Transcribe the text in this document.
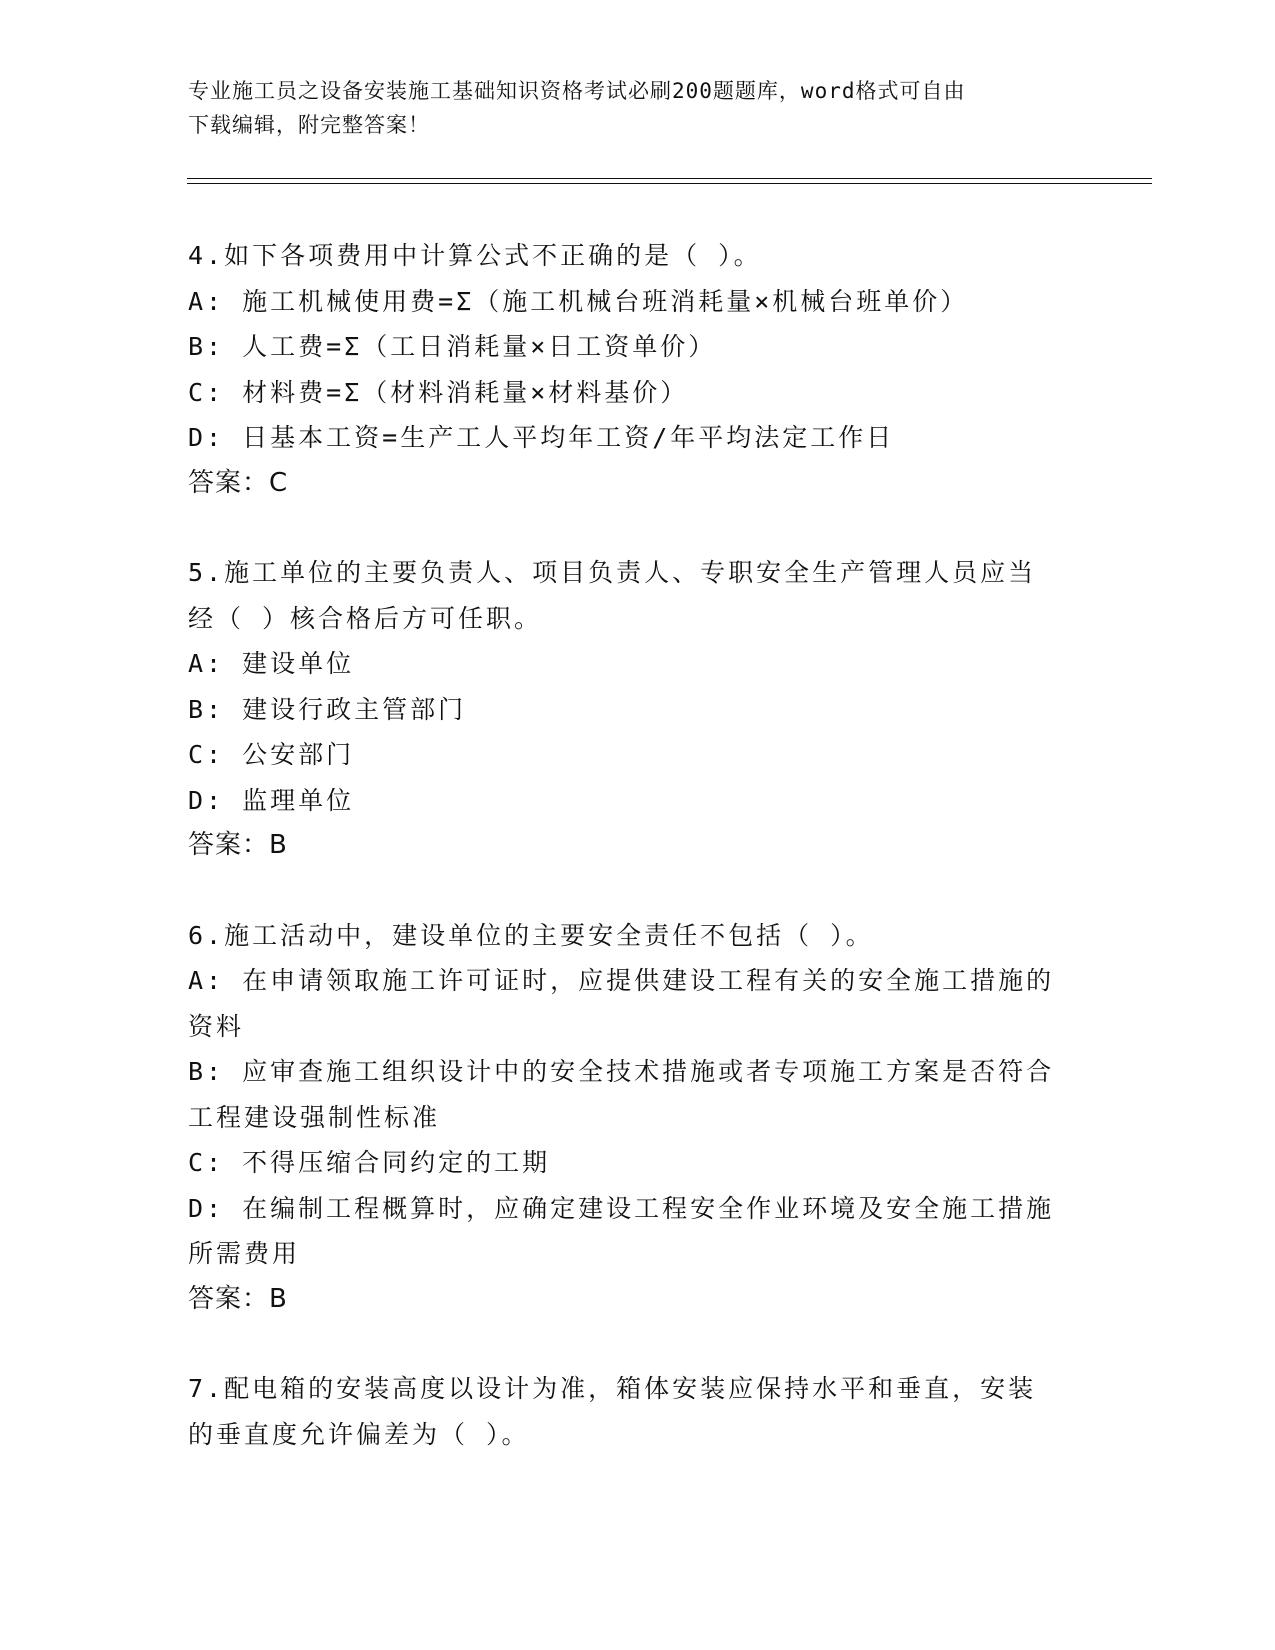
专业施工员之设备安装施工基础知识资格考试必刷200题题库，word格式可自由
下载编辑，附完整答案！
4.如下各项费用中计算公式不正确的是（ ）。
A: 施工机械使用费=Σ（施工机械台班消耗量×机械台班单价）
B: 人工费=Σ（工日消耗量×日工资单价）
C: 材料费=Σ（材料消耗量×材料基价）
D: 日基本工资=生产工人平均年工资/年平均法定工作日
答案：C
5.施工单位的主要负责人、项目负责人、专职安全生产管理人员应当
经（ ）核合格后方可任职。
A: 建设单位
B: 建设行政主管部门
C: 公安部门
D: 监理单位
答案：B
6.施工活动中，建设单位的主要安全责任不包括（ ）。
A: 在申请领取施工许可证时，应提供建设工程有关的安全施工措施的
资料
B: 应审查施工组织设计中的安全技术措施或者专项施工方案是否符合
工程建设强制性标准
C: 不得压缩合同约定的工期
D: 在编制工程概算时，应确定建设工程安全作业环境及安全施工措施
所需费用
答案：B
7.配电箱的安装高度以设计为准，箱体安装应保持水平和垂直，安装
的垂直度允许偏差为（ ）。
